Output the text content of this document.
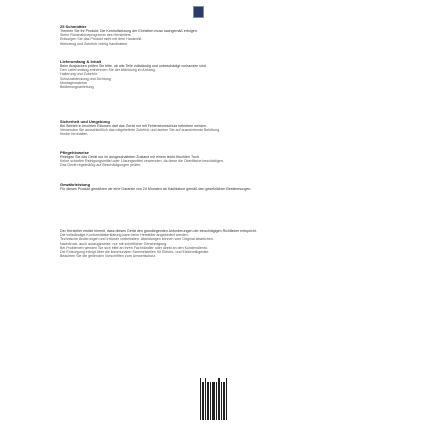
25 Schmidtter
Trennen Sie Ihr Produkt: Die Kontrollsetzung der Einheiten muss sachgemäß erfolgen.
Siehe Rücknahmeprogramm des Herstellers.
Entsorgen Sie das Produkt nicht mit dem Hausmüll.
Werkzeug und Zubehör richtig handhaben.
Lieferumfang & Inhalt
Beim Auspacken prüfen Sie bitte, ob alle Teile vollständig und unbeschädigt vorhanden sind.
Den Lieferumfang entnehmen Sie der Abbildung im Anhang.
Halterung und Zubehör
Schutzabdeckung und Dichtung
Montagematerial
Bedienungsanleitung
Sicherheit und Umgebung
Bei Betrieb in feuchten Räumen darf das Gerät nur mit Fehlerstromschutz betrieben werden.
Verwenden Sie ausschließlich das mitgelieferte Zubehör und achten Sie auf ausreichende Belüftung.
Kinder fernhalten.
Pflegehinweise
Reinigen Sie das Gerät nur im ausgeschalteten Zustand mit einem leicht feuchten Tuch.
Keine scharfen Reinigungsmittel oder Lösungsmittel verwenden, da diese die Oberfläche beschädigen.
Das Gerät regelmäßig auf Beschädigungen prüfen.
Gewährleistung
Für dieses Produkt gewähren wir eine Garantie von 24 Monaten ab Kaufdatum gemäß den gesetzlichen Bestimmungen.
Der Hersteller erklärt hiermit, dass dieses Gerät den grundlegenden Anforderungen der einschlägigen Richtlinien entspricht.
Die vollständige Konformitätserklärung kann beim Hersteller angefordert werden.
Technische Änderungen und Irrtümer vorbehalten. Abbildungen können vom Original abweichen.
Nachdruck, auch auszugsweise, nur mit schriftlicher Genehmigung.
Bei Problemen wenden Sie sich bitte an Ihren Fachhändler oder direkt an den Kundendienst.
Die Entsorgung erfolgt über die kommunalen Sammelstellen für Elektro- und Elektronikgeräte.
Beachten Sie die geltenden Vorschriften zum Umweltschutz.
